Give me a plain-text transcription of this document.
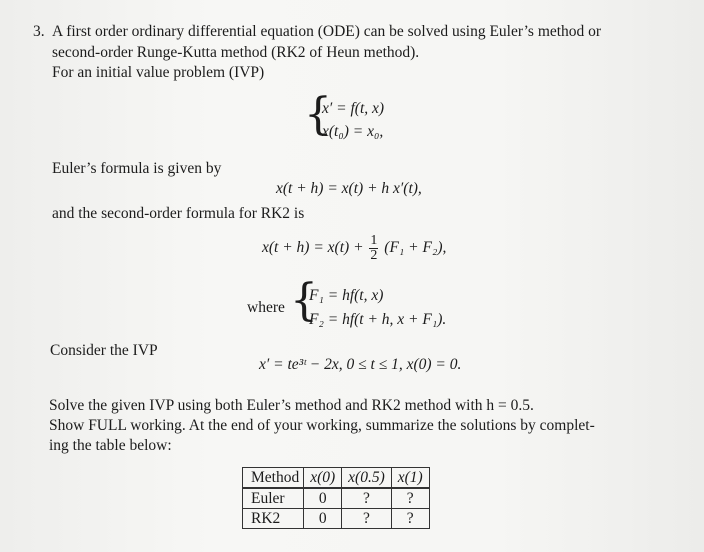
3. A first order ordinary differential equation (ODE) can be solved using Euler’s method or
second-order Runge-Kutta method (RK2 of Heun method).
For an initial value problem (IVP)
{
x′ = f(t, x)
x(t₀) = x₀,
Euler’s formula is given by
x(t + h) = x(t) + h x′(t),
and the second-order formula for RK2 is
$x(t + h) = x(t) + \frac{1}{2} (F_1 + F_2)$,
where {
F₁ = hf(t, x)
F₂ = hf(t + h, x + F₁).
Consider the IVP
x′ = te³ᵗ − 2x, 0 ≤ t ≤ 1, x(0) = 0.
Solve the given IVP using both Euler’s method and RK2 method with h = 0.5.
Show FULL working. At the end of your working, summarize the solutions by complet-
ing the table below:
Method	x(0)	x(0.5)	x(1)
Euler	0	?	?
RK2	0	?	?
